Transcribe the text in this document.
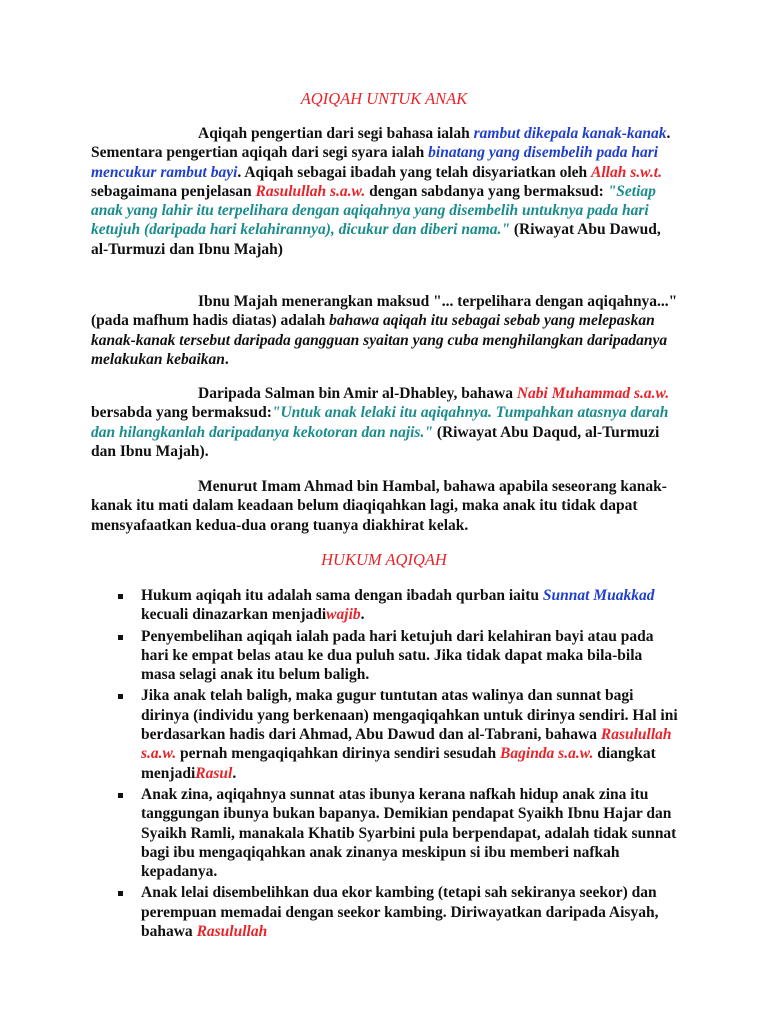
AQIQAH UNTUK ANAK

Aqiqah pengertian dari segi bahasa ialah rambut dikepala kanak-kanak. Sementara pengertian aqiqah dari segi syara ialah binatang yang disembelih pada hari mencukur rambut bayi. Aqiqah sebagai ibadah yang telah disyariatkan oleh Allah s.w.t. sebagaimana penjelasan Rasulullah s.a.w. dengan sabdanya yang bermaksud: "Setiap anak yang lahir itu terpelihara dengan aqiqahnya yang disembelih untuknya pada hari ketujuh (daripada hari kelahirannya), dicukur dan diberi nama." (Riwayat Abu Dawud, al-Turmuzi dan Ibnu Majah)

Ibnu Majah menerangkan maksud "... terpelihara dengan aqiqahnya..." (pada mafhum hadis diatas) adalah bahawa aqiqah itu sebagai sebab yang melepaskan kanak-kanak tersebut daripada gangguan syaitan yang cuba menghilangkan daripadanya melakukan kebaikan.

Daripada Salman bin Amir al-Dhabley, bahawa Nabi Muhammad s.a.w. bersabda yang bermaksud:"Untuk anak lelaki itu aqiqahnya. Tumpahkan atasnya darah dan hilangkanlah daripadanya kekotoran dan najis." (Riwayat Abu Daqud, al-Turmuzi dan Ibnu Majah).

Menurut Imam Ahmad bin Hambal, bahawa apabila seseorang kanak-kanak itu mati dalam keadaan belum diaqiqahkan lagi, maka anak itu tidak dapat mensyafaatkan kedua-dua orang tuanya diakhirat kelak.

HUKUM AQIQAH
Hukum aqiqah itu adalah sama dengan ibadah qurban iaitu Sunnat Muakkad kecuali dinazarkan menjadiwajib.
Penyembelihan aqiqah ialah pada hari ketujuh dari kelahiran bayi atau pada hari ke empat belas atau ke dua puluh satu. Jika tidak dapat maka bila-bila masa selagi anak itu belum baligh.
Jika anak telah baligh, maka gugur tuntutan atas walinya dan sunnat bagi dirinya (individu yang berkenaan) mengaqiqahkan untuk dirinya sendiri. Hal ini berdasarkan hadis dari Ahmad, Abu Dawud dan al-Tabrani, bahawa Rasulullah s.a.w. pernah mengaqiqahkan dirinya sendiri sesudah Baginda s.a.w. diangkat menjadiRasul.
Anak zina, aqiqahnya sunnat atas ibunya kerana nafkah hidup anak zina itu tanggungan ibunya bukan bapanya. Demikian pendapat Syaikh Ibnu Hajar dan Syaikh Ramli, manakala Khatib Syarbini pula berpendapat, adalah tidak sunnat bagi ibu mengaqiqahkan anak zinanya meskipun si ibu memberi nafkah kepadanya.
Anak lelai disembelihkan dua ekor kambing (tetapi sah sekiranya seekor) dan perempuan memadai dengan seekor kambing. Diriwayatkan daripada Aisyah, bahawa Rasulullah
